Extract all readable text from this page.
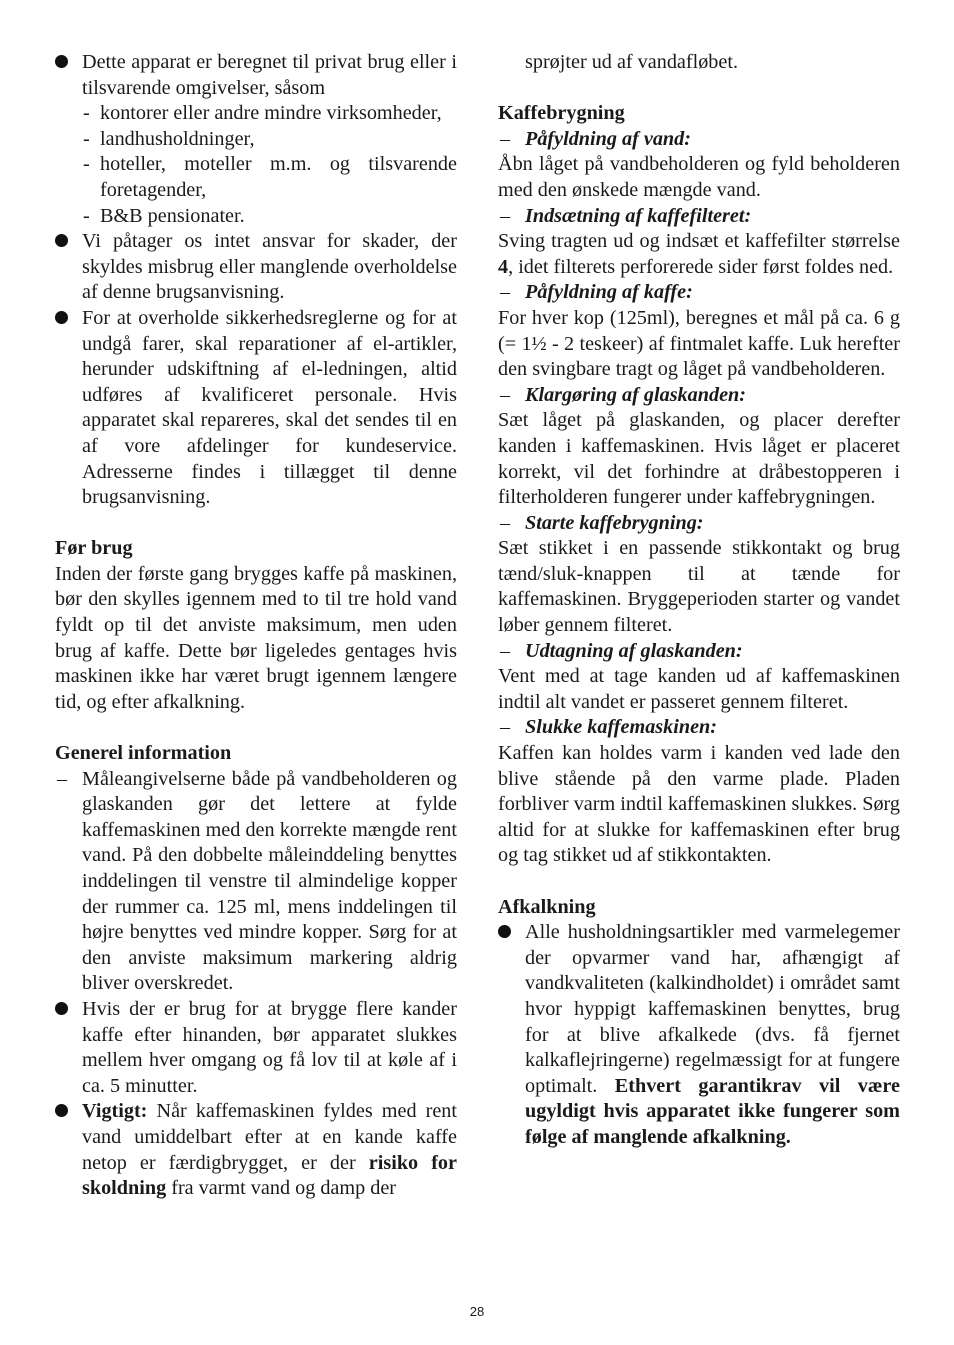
Dette apparat er beregnet til privat brug eller i tilsvarende omgivelser, såsom
- kontorer eller andre mindre virksomheder,
- landhusholdninger,
- hoteller, moteller m.m. og tilsvarende foretagender,
- B&B pensionater.
Vi påtager os intet ansvar for skader, der skyldes misbrug eller manglende overholdelse af denne brugsanvisning.
For at overholde sikkerhedsreglerne og for at undgå farer, skal reparationer af el-artikler, herunder udskiftning af el-ledningen, altid udføres af kvalificeret personale. Hvis apparatet skal repareres, skal det sendes til en af vore afdelinger for kundeservice. Adresserne findes i tillægget til denne brugsanvisning.
Før brug

Inden der første gang brygges kaffe på maskinen, bør den skylles igennem med to til tre hold vand fyldt op til det anviste maksimum, men uden brug af kaffe. Dette bør ligeledes gentages hvis maskinen ikke har været brugt igennem længere tid, og efter afkalkning.

Generel information
– Måleangivelserne både på vandbeholderen og glaskanden gør det lettere at fylde kaffemaskinen med den korrekte mængde rent vand. På den dobbelte måleinddeling benyttes inddelingen til venstre til almindelige kopper der rummer ca. 125 ml, mens inddelingen til højre benyttes ved mindre kopper. Sørg for at den anviste maksimum markering aldrig bliver overskredet.
Hvis der er brug for at brygge flere kander kaffe efter hinanden, bør apparatet slukkes mellem hver omgang og få lov til at køle af i ca. 5 minutter.
Vigtigt: Når kaffemaskinen fyldes med rent vand umiddelbart efter at en kande kaffe netop er færdigbrygget, er der risiko for skoldning fra varmt vand og damp der
sprøjter ud af vandafløbet.
Kaffebrygning
– Påfyldning af vand:

Åbn låget på vandbeholderen og fyld beholderen med den ønskede mængde vand.

– Indsætning af kaffefilteret:

Sving tragten ud og indsæt et kaffefilter størrelse 4, idet filterets perforerede sider først foldes ned.

– Påfyldning af kaffe:

For hver kop (125ml), beregnes et mål på ca. 6 g (= 1½ - 2 teskeer) af fintmalet kaffe. Luk herefter den svingbare tragt og låget på vandbeholderen.

– Klargøring af glaskanden:

Sæt låget på glaskanden, og placer derefter kanden i kaffemaskinen. Hvis låget er placeret korrekt, vil det forhindre at dråbestopperen i filterholderen fungerer under kaffebrygningen.

– Starte kaffebrygning:

Sæt stikket i en passende stikkontakt og brug tænd/sluk-knappen til at tænde for kaffemaskinen. Bryggeperioden starter og vandet løber gennem filteret.

– Udtagning af glaskanden:

Vent med at tage kanden ud af kaffemaskinen indtil alt vandet er passeret gennem filteret.

– Slukke kaffemaskinen:

Kaffen kan holdes varm i kanden ved lade den blive stående på den varme plade. Pladen forbliver varm indtil kaffemaskinen slukkes. Sørg altid for at slukke for kaffemaskinen efter brug og tag stikket ud af stikkontakten.

Afkalkning
Alle husholdningsartikler med varmelegemer der opvarmer vand har, afhængigt af vandkvaliteten (kalkindholdet) i området samt hvor hyppigt kaffemaskinen benyttes, brug for at blive afkalkede (dvs. få fjernet kalkaflejringerne) regelmæssigt for at fungere optimalt. Ethvert garantikrav vil være ugyldigt hvis apparatet ikke fungerer som følge af manglende afkalkning.
28
